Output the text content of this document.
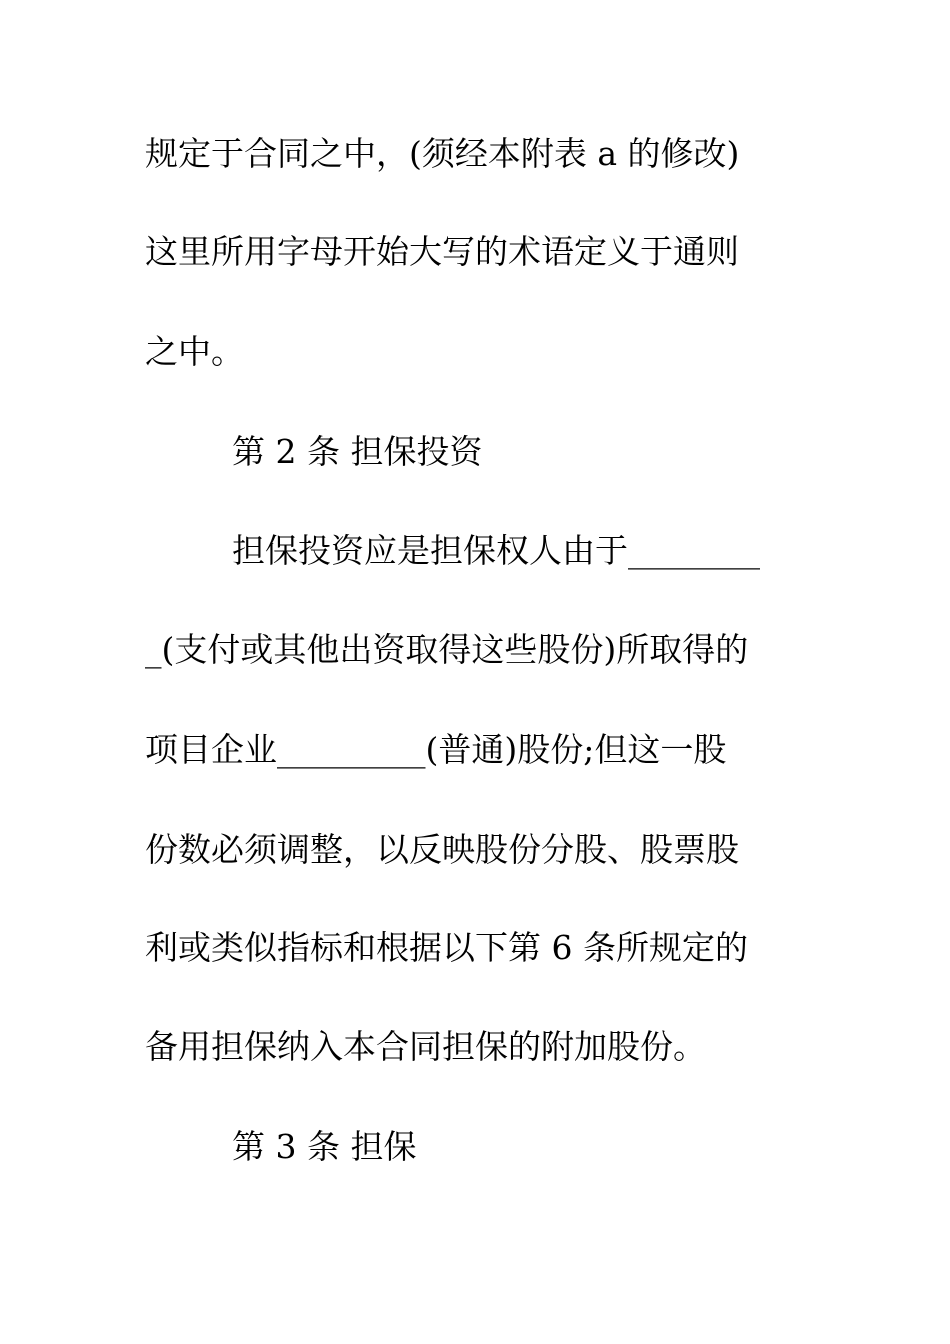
规定于合同之中，(须经本附表 a 的修改)
这里所用字母开始大写的术语定义于通则
之中。
第 2 条 担保投资
担保投资应是担保权人由于________
_(支付或其他出资取得这些股份)所取得的
项目企业_________(普通)股份;但这一股
份数必须调整，以反映股份分股、股票股
利或类似指标和根据以下第 6 条所规定的
备用担保纳入本合同担保的附加股份。
第 3 条 担保
